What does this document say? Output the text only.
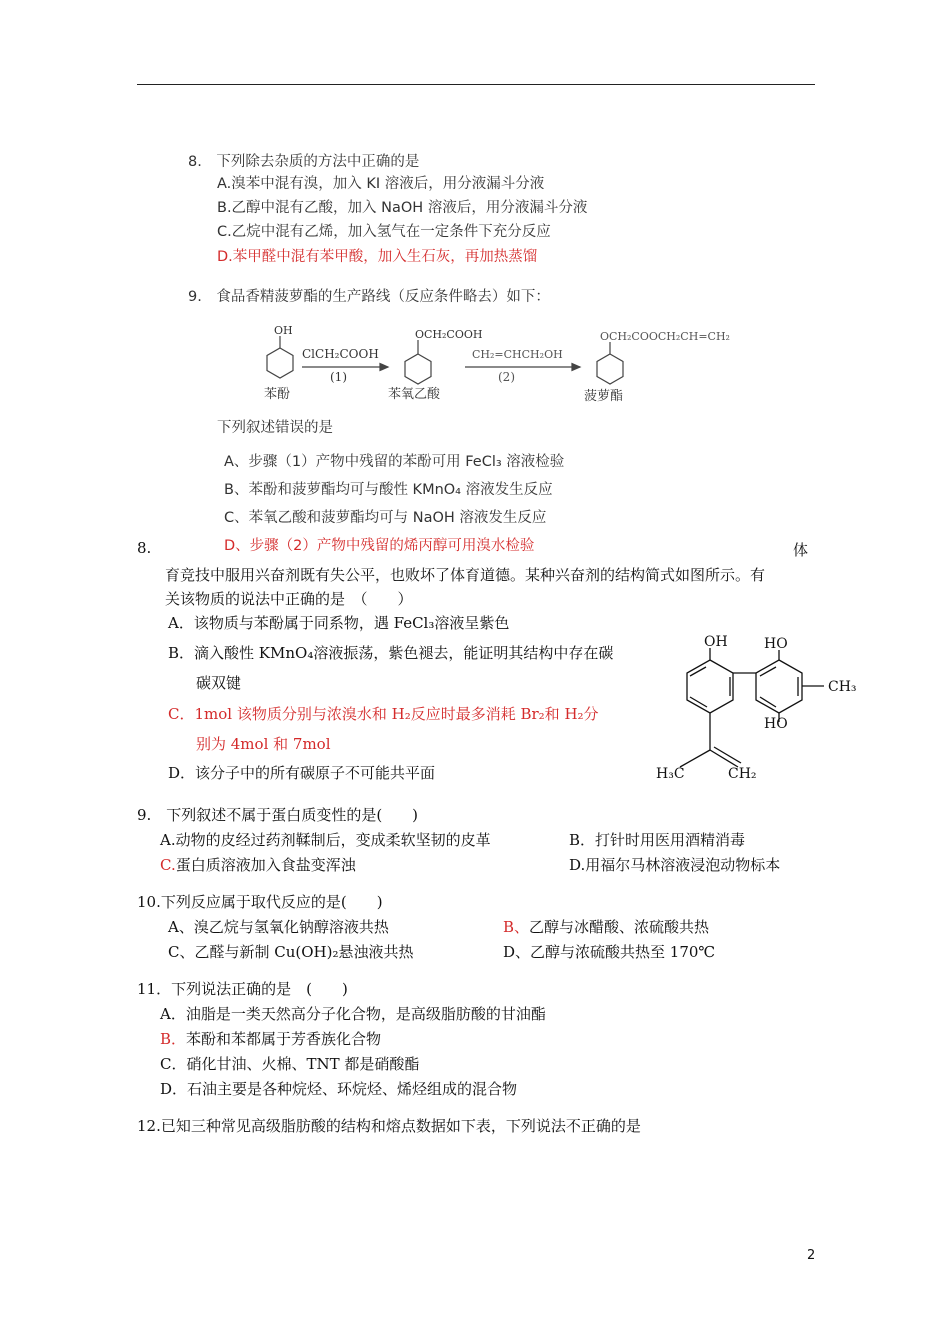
8.　下列除去杂质的方法中正确的是
A.溴苯中混有溴，加入 KI 溶液后，用分液漏斗分液
B.乙醇中混有乙酸，加入 NaOH 溶液后，用分液漏斗分液
C.乙烷中混有乙烯，加入氢气在一定条件下充分反应
D.苯甲醛中混有苯甲酸，加入生石灰，再加热蒸馏
9.　食品香精菠萝酯的生产路线（反应条件略去）如下：
OH
苯酚
ClCH₂COOH
(1)
OCH₂COOH
苯氧乙酸
CH₂=CHCH₂OH
(2)
OCH₂COOCH₂CH=CH₂
菠萝酯
下列叙述错误的是
A、步骤（1）产物中残留的苯酚可用 FeCl₃ 溶液检验
B、苯酚和菠萝酯均可与酸性 KMnO₄ 溶液发生反应
C、苯氧乙酸和菠萝酯均可与 NaOH 溶液发生反应
D、步骤（2）产物中残留的烯丙醇可用溴水检验
8.	体
育竞技中服用兴奋剂既有失公平，也败坏了体育道德。某种兴奋剂的结构简式如图所示。有
关该物质的说法中正确的是　（　　）
A．该物质与苯酚属于同系物，遇 FeCl₃溶液呈紫色
B．滴入酸性 KMnO₄溶液振荡，紫色褪去，能证明其结构中存在碳
碳双键
C．1mol 该物质分别与浓溴水和 H₂反应时最多消耗 Br₂和 H₂分
别为 4mol 和 7mol
D．该分子中的所有碳原子不可能共平面
OH	HO
HO
CH₃
H₃C	CH₂
9.　下列叙述不属于蛋白质变性的是(　　)
A.动物的皮经过药剂鞣制后，变成柔软坚韧的皮革	B．打针时用医用酒精消毒
C.蛋白质溶液加入食盐变浑浊	D.用福尔马林溶液浸泡动物标本
10.下列反应属于取代反应的是(　　)
A、溴乙烷与氢氧化钠醇溶液共热	B、乙醇与冰醋酸、浓硫酸共热
C、乙醛与新制 Cu(OH)₂悬浊液共热	D、乙醇与浓硫酸共热至 170℃
11．下列说法正确的是　(　　)
A．油脂是一类天然高分子化合物，是高级脂肪酸的甘油酯
B．苯酚和苯都属于芳香族化合物
C．硝化甘油、火棉、TNT 都是硝酸酯
D．石油主要是各种烷烃、环烷烃、烯烃组成的混合物
12.已知三种常见高级脂肪酸的结构和熔点数据如下表，下列说法不正确的是
2
